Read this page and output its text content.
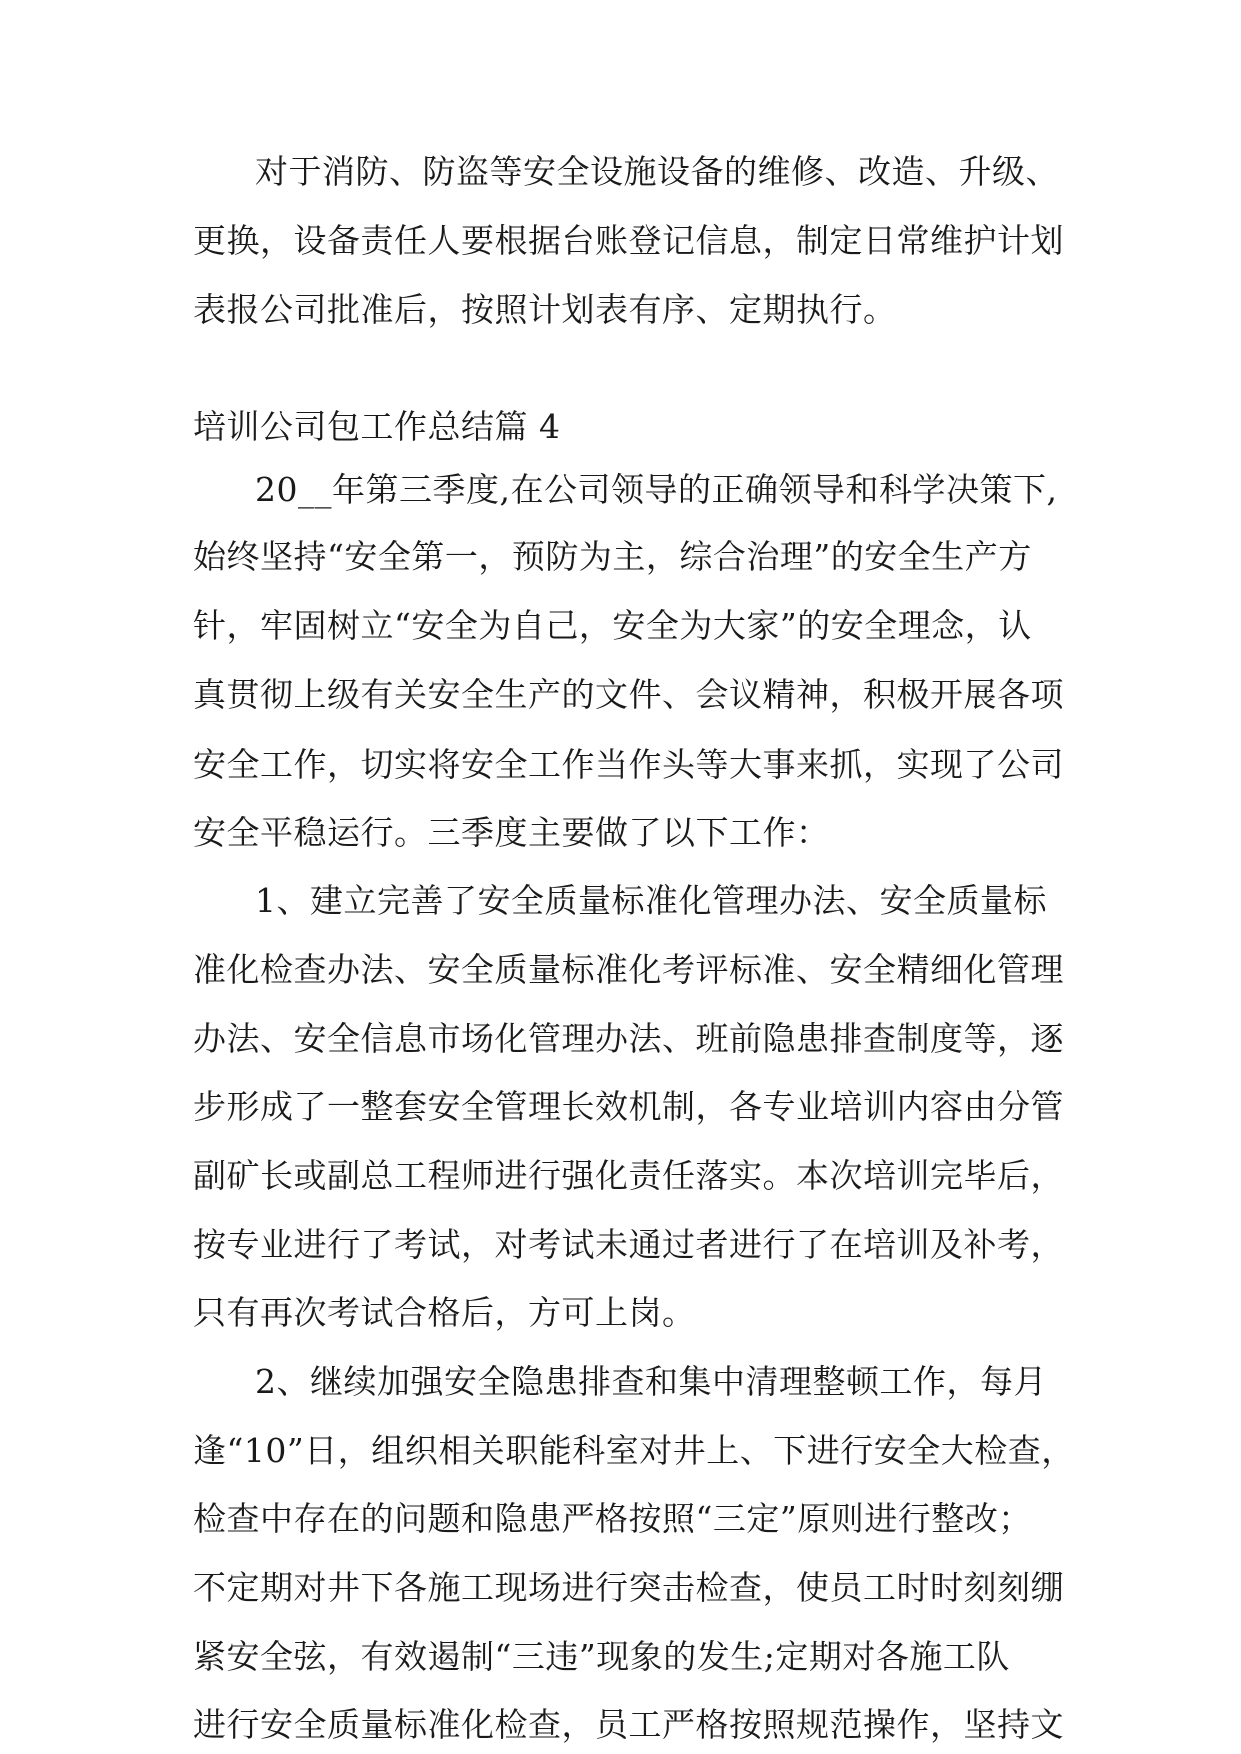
对于消防、防盗等安全设施设备的维修、改造、升级、
更换，设备责任人要根据台账登记信息，制定日常维护计划
表报公司批准后，按照计划表有序、定期执行。
培训公司包工作总结篇 4
20__年第三季度,在公司领导的正确领导和科学决策下,
始终坚持“安全第一，预防为主，综合治理”的安全生产方
针，牢固树立“安全为自己，安全为大家”的安全理念，认
真贯彻上级有关安全生产的文件、会议精神，积极开展各项
安全工作，切实将安全工作当作头等大事来抓，实现了公司
安全平稳运行。三季度主要做了以下工作：
1、建立完善了安全质量标准化管理办法、安全质量标
准化检查办法、安全质量标准化考评标准、安全精细化管理
办法、安全信息市场化管理办法、班前隐患排查制度等，逐
步形成了一整套安全管理长效机制，各专业培训内容由分管
副矿长或副总工程师进行强化责任落实。本次培训完毕后，
按专业进行了考试，对考试未通过者进行了在培训及补考，
只有再次考试合格后，方可上岗。
2、继续加强安全隐患排查和集中清理整顿工作，每月
逢“10”日，组织相关职能科室对井上、下进行安全大检查，
检查中存在的问题和隐患严格按照“三定”原则进行整改；
不定期对井下各施工现场进行突击检查，使员工时时刻刻绷
紧安全弦，有效遏制“三违”现象的发生;定期对各施工队
进行安全质量标准化检查，员工严格按照规范操作，坚持文
